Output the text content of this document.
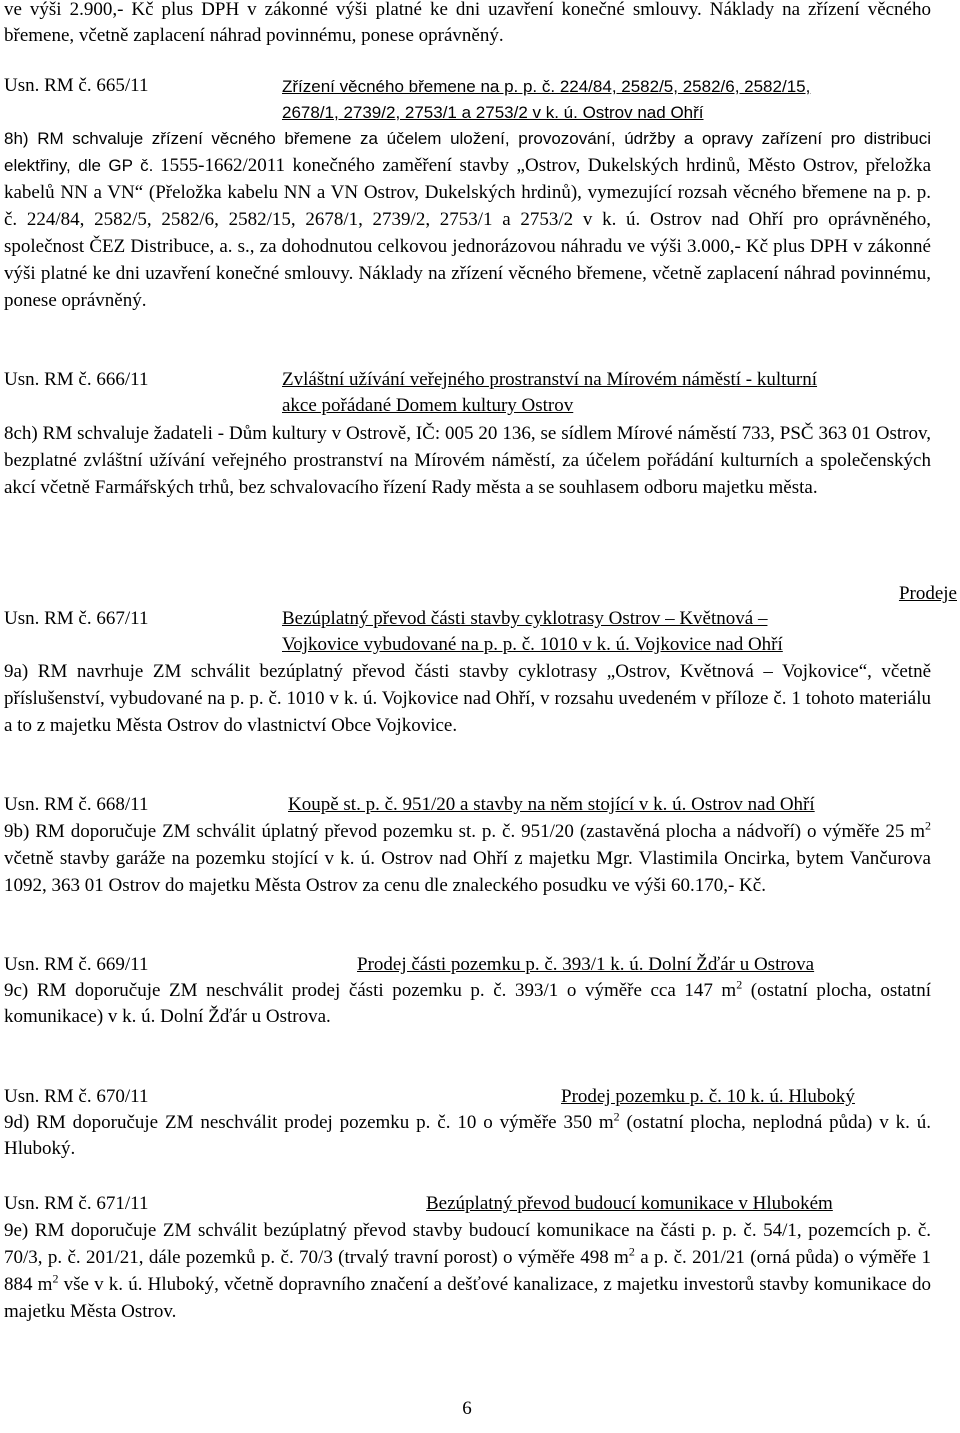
ve výši 2.900,- Kč plus DPH v zákonné výši platné ke dni uzavření konečné smlouvy. Náklady na zřízení věcného břemene, včetně zaplacení náhrad povinnému, ponese oprávněný.

Usn. RM č. 665/11	Zřízení věcného břemene na p. p. č. 224/84, 2582/5, 2582/6, 2582/15,

2678/1, 2739/2, 2753/1 a 2753/2 v k. ú. Ostrov nad Ohří

8h) RM schvaluje zřízení věcného břemene za účelem uložení, provozování, údržby a opravy zařízení pro distribuci elektřiny, dle GP č. 1555-1662/2011 konečného zaměření stavby „Ostrov, Dukelských hrdinů, Město Ostrov, přeložka kabelů NN a VN“ (Přeložka kabelu NN a VN Ostrov, Dukelských hrdinů), vymezující rozsah věcného břemene na p. p. č. 224/84, 2582/5, 2582/6, 2582/15, 2678/1, 2739/2, 2753/1 a 2753/2 v k. ú. Ostrov nad Ohří pro oprávněného, společnost ČEZ Distribuce, a. s., za dohodnutou celkovou jednorázovou náhradu ve výši 3.000,- Kč plus DPH v zákonné výši platné ke dni uzavření konečné smlouvy. Náklady na zřízení věcného břemene, včetně zaplacení náhrad povinnému, ponese oprávněný.

Usn. RM č. 666/11	Zvláštní užívání veřejného prostranství na Mírovém náměstí - kulturní

akce pořádané Domem kultury Ostrov

8ch) RM schvaluje žadateli - Dům kultury v Ostrově, IČ: 005 20 136, se sídlem Mírové náměstí 733, PSČ 363 01 Ostrov, bezplatné zvláštní užívání veřejného prostranství na Mírovém náměstí, za účelem pořádání kulturních a společenských akcí včetně Farmářských trhů, bez schvalovacího řízení Rady města a se souhlasem odboru majetku města.

Prodeje

Usn. RM č. 667/11	Bezúplatný převod části stavby cyklotrasy Ostrov – Květnová –

Vojkovice vybudované na p. p. č. 1010 v k. ú. Vojkovice nad Ohří

9a) RM navrhuje ZM schválit bezúplatný převod části stavby cyklotrasy „Ostrov, Květnová – Vojkovice“, včetně příslušenství, vybudované na p. p. č. 1010 v k. ú. Vojkovice nad Ohří, v rozsahu uvedeném v příloze č. 1 tohoto materiálu a to z majetku Města Ostrov do vlastnictví Obce Vojkovice.

Usn. RM č. 668/11	Koupě st. p. č. 951/20 a stavby na něm stojící v k. ú. Ostrov nad Ohří

9b) RM doporučuje ZM schválit úplatný převod pozemku st. p. č. 951/20 (zastavěná plocha a nádvoří) o výměře 25 $m^2$ včetně stavby garáže na pozemku stojící v k. ú. Ostrov nad Ohří z majetku Mgr. Vlastimila Oncirka, bytem Vančurova 1092, 363 01 Ostrov do majetku Města Ostrov za cenu dle znaleckého posudku ve výši 60.170,- Kč.

Usn. RM č. 669/11	Prodej části pozemku p. č. 393/1 k. ú. Dolní Žďár u Ostrova

9c) RM doporučuje ZM neschválit prodej části pozemku p. č. 393/1 o výměře cca 147 $m^2$ (ostatní plocha, ostatní komunikace) v k. ú. Dolní Žďár u Ostrova.

Usn. RM č. 670/11	Prodej pozemku p. č. 10 k. ú. Hluboký

9d) RM doporučuje ZM neschválit prodej pozemku p. č. 10 o výměře 350 $m^2$ (ostatní plocha, neplodná půda) v k. ú. Hluboký.

Usn. RM č. 671/11	Bezúplatný převod budoucí komunikace v Hlubokém

9e) RM doporučuje ZM schválit bezúplatný převod stavby budoucí komunikace na části p. p. č. 54/1, pozemcích p. č. 70/3, p. č. 201/21, dále pozemků p. č. 70/3 (trvalý travní porost) o výměře 498 $m^2$ a p. č. 201/21 (orná půda) o výměře 1 884 $m^2$ vše v k. ú. Hluboký, včetně dopravního značení a dešťové kanalizace, z majetku investorů stavby komunikace do majetku Města Ostrov.

6
